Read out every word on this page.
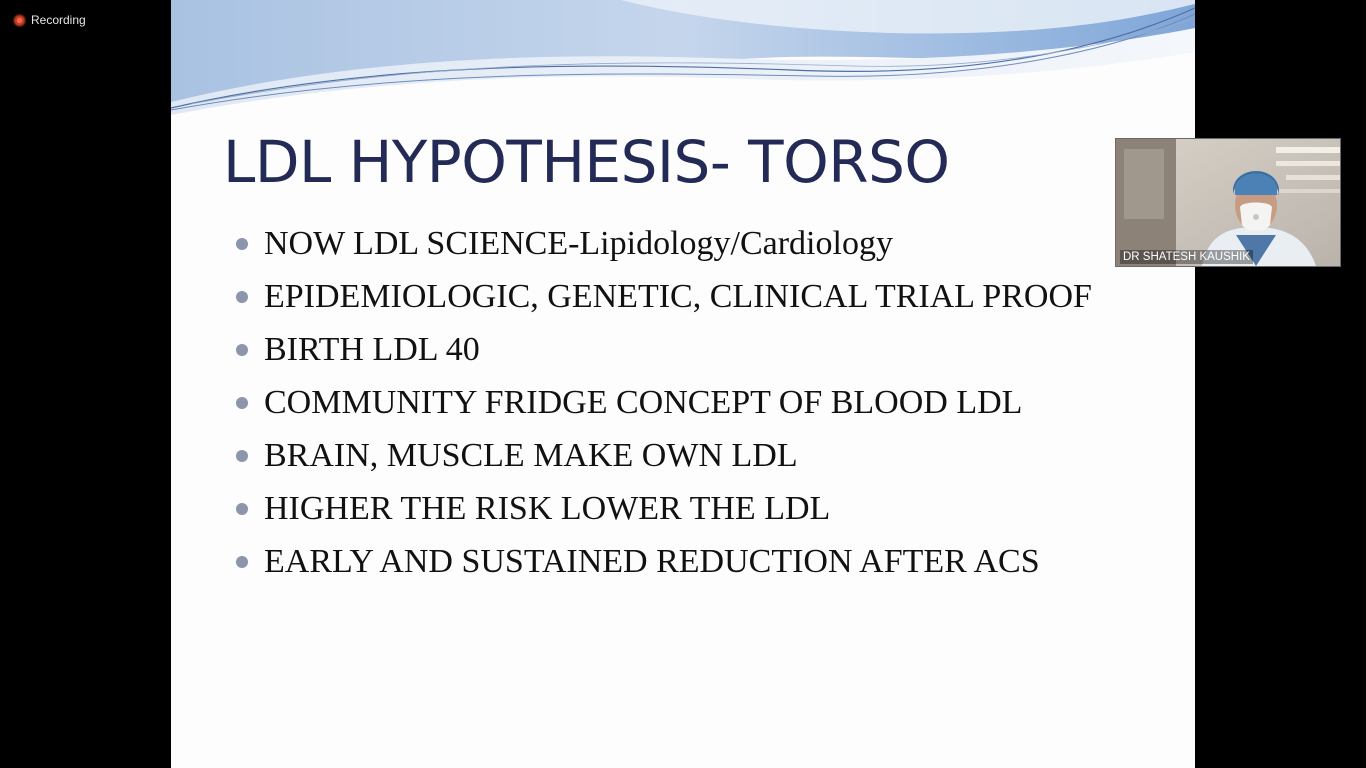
Recording
LDL HYPOTHESIS- TORSO
NOW LDL SCIENCE-Lipidology/Cardiology
EPIDEMIOLOGIC, GENETIC, CLINICAL TRIAL PROOF
BIRTH LDL 40
COMMUNITY FRIDGE CONCEPT OF BLOOD LDL
BRAIN, MUSCLE MAKE OWN LDL
HIGHER THE RISK LOWER THE LDL
EARLY AND SUSTAINED REDUCTION AFTER ACS
DR SHATESH KAUSHIK
